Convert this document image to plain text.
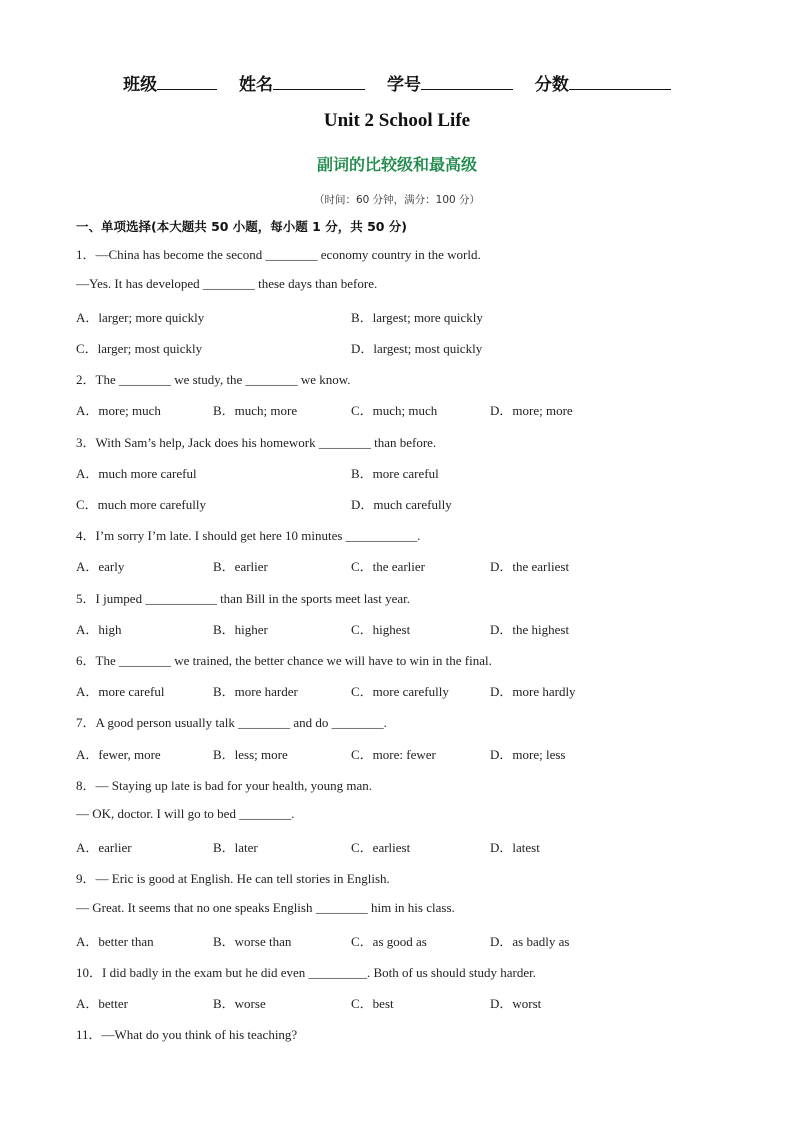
班级	姓名	学号	分数
Unit 2 School Life
副词的比较级和最高级
（时间：60 分钟，满分：100 分）
一、单项选择(本大题共 50 小题，每小题 1 分，共 50 分)
1．—China has become the second ________ economy country in the world.
—Yes. It has developed ________ these days than before.
A．larger; more quickly	B．largest; more quickly
C．larger; most quickly	D．largest; most quickly
2．The ________ we study, the ________ we know.
A．more; much	B．much; more	C．much; much	D．more; more
3．With Sam’s help, Jack does his homework ________ than before.
A．much more careful	B．more careful
C．much more carefully	D．much carefully
4．I’m sorry I’m late. I should get here 10 minutes ___________.
A．early	B．earlier	C．the earlier	D．the earliest
5．I jumped ___________ than Bill in the sports meet last year.
A．high	B．higher	C．highest	D．the highest
6．The ________ we trained, the better chance we will have to win in the final.
A．more careful	B．more harder	C．more carefully	D．more hardly
7．A good person usually talk ________ and do ________.
A．fewer, more	B．less; more	C．more: fewer	D．more; less
8．— Staying up late is bad for your health, young man.
— OK, doctor. I will go to bed ________.
A．earlier	B．later	C．earliest	D．latest
9．— Eric is good at English. He can tell stories in English.
— Great. It seems that no one speaks English ________ him in his class.
A．better than	B．worse than	C．as good as	D．as badly as
10．I did badly in the exam but he did even _________. Both of us should study harder.
A．better	B．worse	C．best	D．worst
11．—What do you think of his teaching?
